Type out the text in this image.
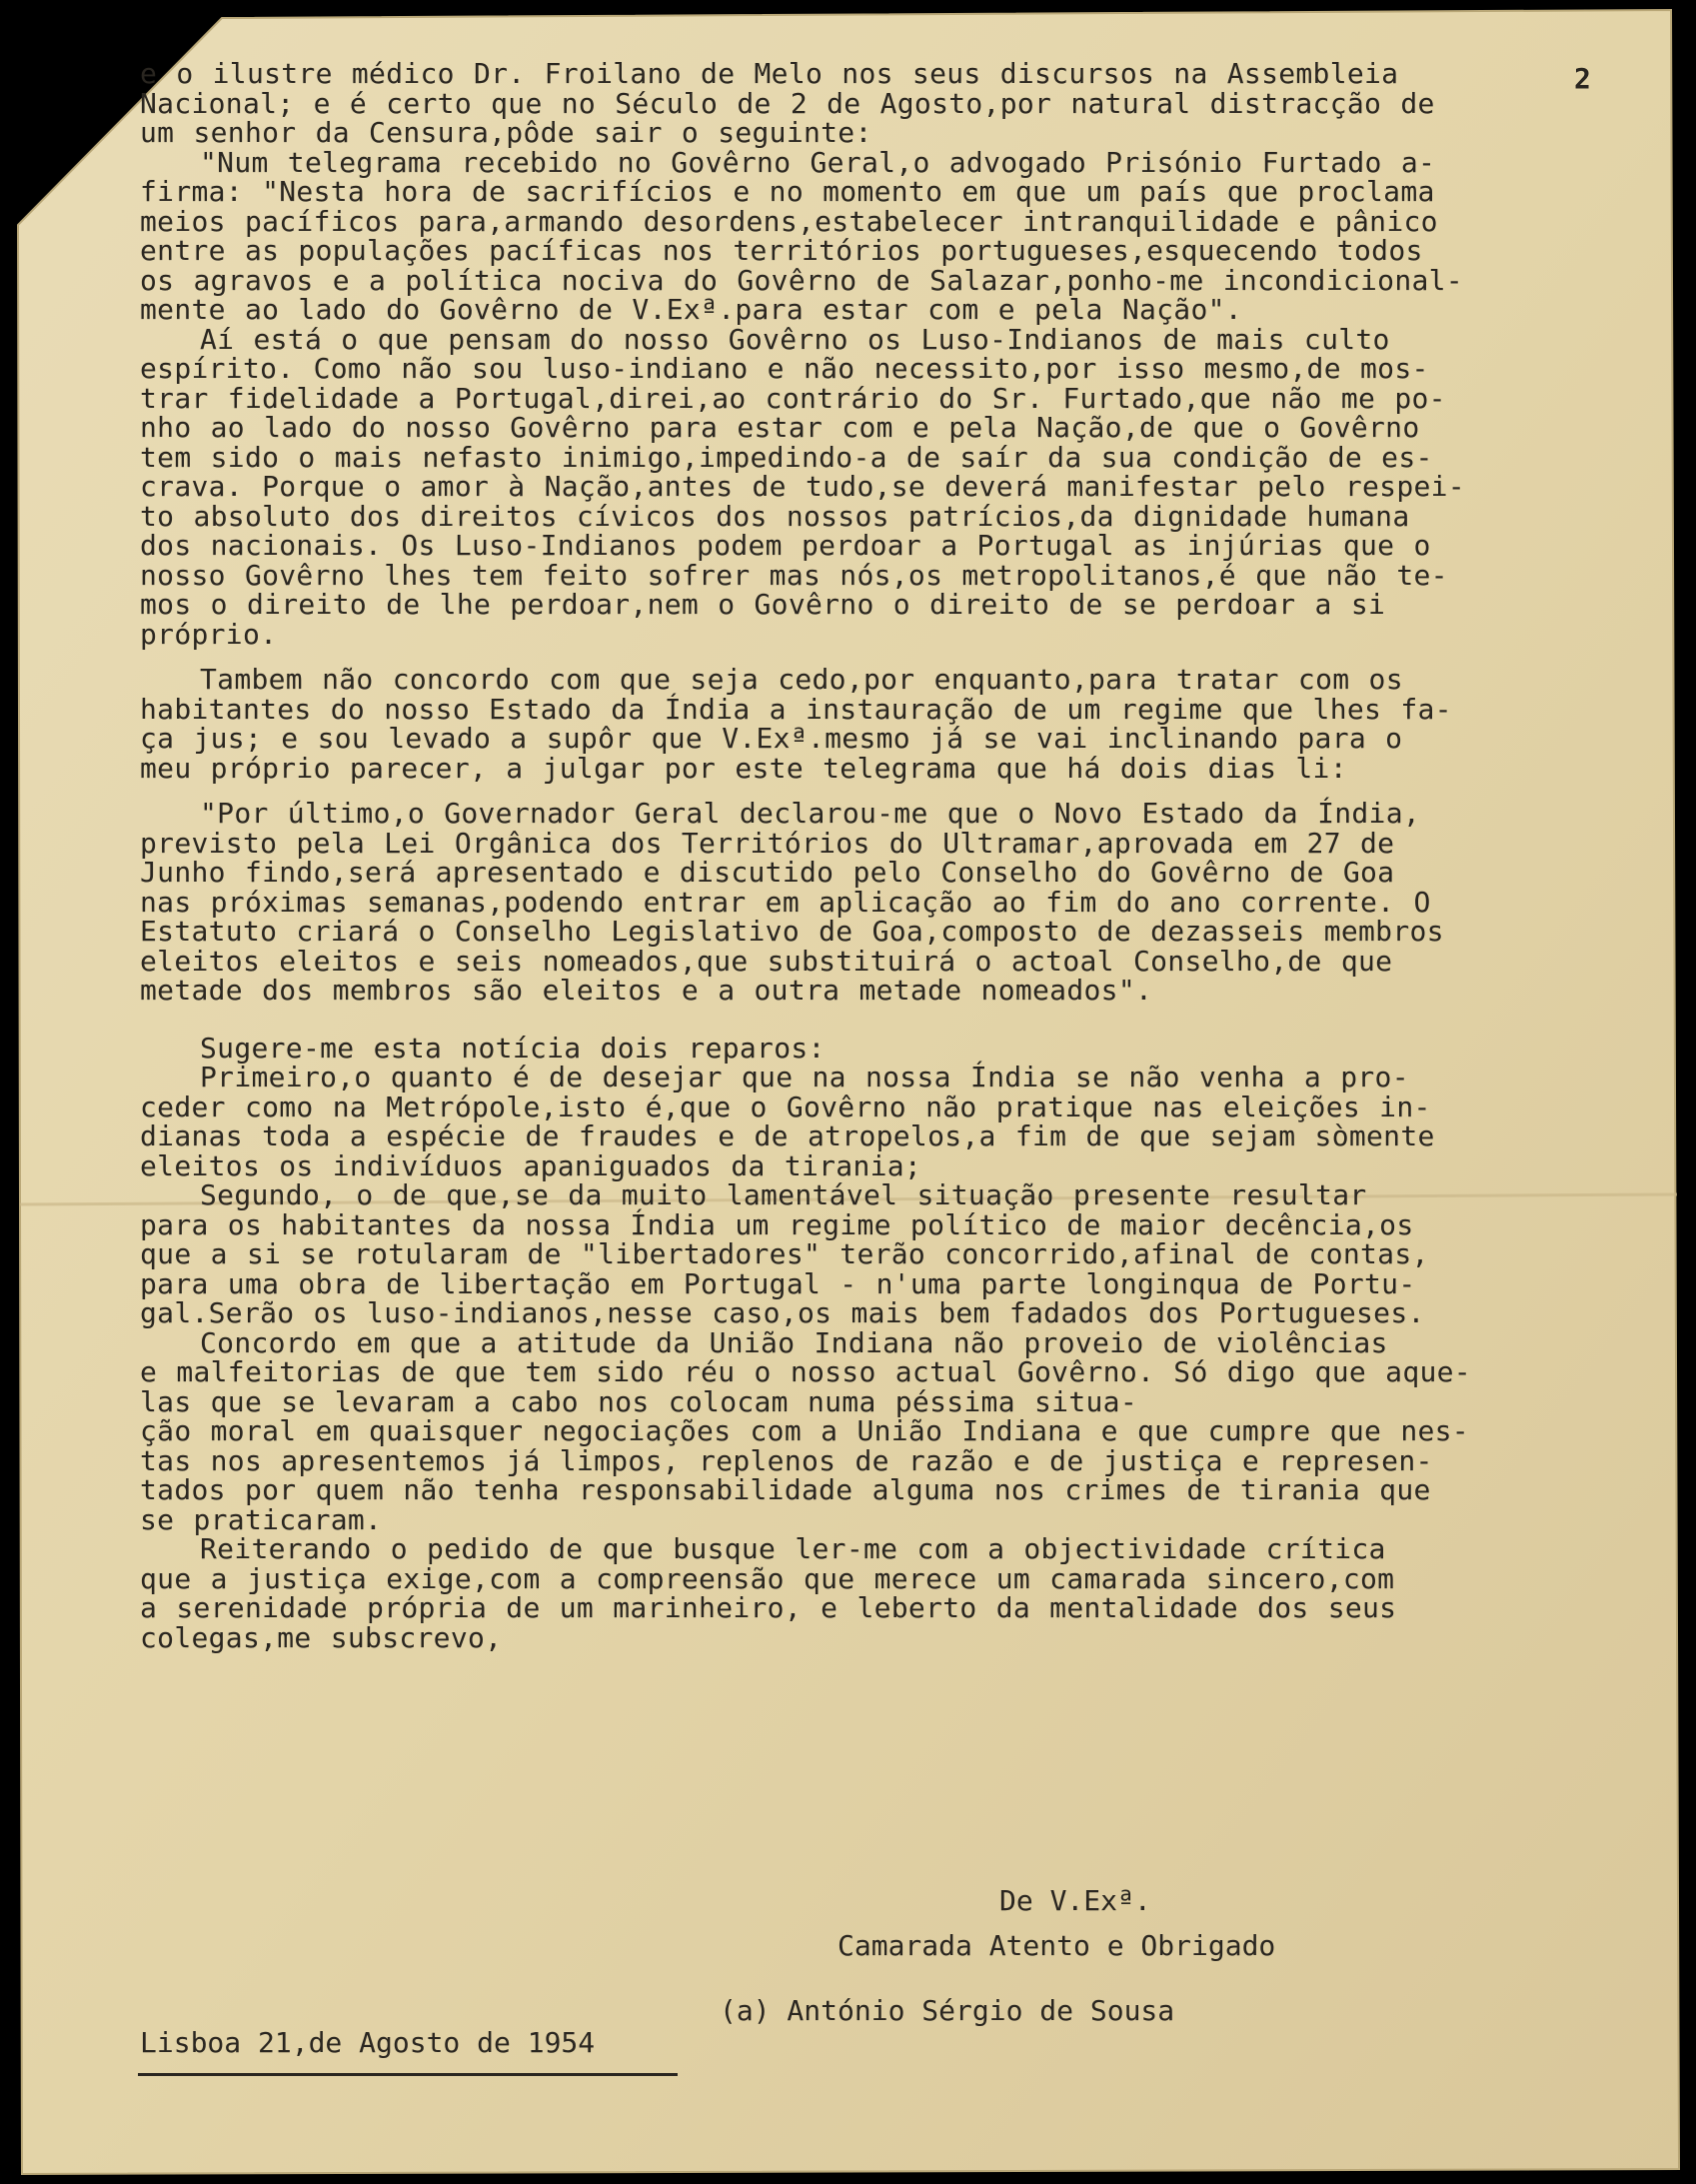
2
e o ilustre médico Dr. Froilano de Melo nos seus discursos na Assembleia
Nacional; e é certo que no Século de 2 de Agosto,por natural distracção de
um senhor da Censura,pôde sair o seguinte:
"Num telegrama recebido no Govêrno Geral,o advogado Prisónio Furtado a-
firma: "Nesta hora de sacrifícios e no momento em que um país que proclama
meios pacíficos para,armando desordens,estabelecer intranquilidade e pânico
entre as populações pacíficas nos territórios portugueses,esquecendo todos
os agravos e a política nociva do Govêrno de Salazar,ponho-me incondicional-
mente ao lado do Govêrno de V.Exª.para estar com e pela Nação".
Aí está o que pensam do nosso Govêrno os Luso-Indianos de mais culto
espírito. Como não sou luso-indiano e não necessito,por isso mesmo,de mos-
trar fidelidade a Portugal,direi,ao contrário do Sr. Furtado,que não me po-
nho ao lado do nosso Govêrno para estar com e pela Nação,de que o Govêrno
tem sido o mais nefasto inimigo,impedindo-a de saír da sua condição de es-
crava. Porque o amor à Nação,antes de tudo,se deverá manifestar pelo respei-
to absoluto dos direitos cívicos dos nossos patrícios,da dignidade humana
dos nacionais. Os Luso-Indianos podem perdoar a Portugal as injúrias que o
nosso Govêrno lhes tem feito sofrer mas nós,os metropolitanos,é que não te-
mos o direito de lhe perdoar,nem o Govêrno o direito de se perdoar a si
próprio.
Tambem não concordo com que seja cedo,por enquanto,para tratar com os
habitantes do nosso Estado da Índia a instauração de um regime que lhes fa-
ça jus; e sou levado a supôr que V.Exª.mesmo já se vai inclinando para o
meu próprio parecer, a julgar por este telegrama que há dois dias li:
"Por último,o Governador Geral declarou-me que o Novo Estado da Índia,
previsto pela Lei Orgânica dos Territórios do Ultramar,aprovada em 27 de
Junho findo,será apresentado e discutido pelo Conselho do Govêrno de Goa
nas próximas semanas,podendo entrar em aplicação ao fim do ano corrente. O
Estatuto criará o Conselho Legislativo de Goa,composto de dezasseis membros
eleitos eleitos e seis nomeados,que substituirá o actoal Conselho,de que
metade dos membros são eleitos e a outra metade nomeados".
Sugere-me esta notícia dois reparos:
Primeiro,o quanto é de desejar que na nossa Índia se não venha a pro-
ceder como na Metrópole,isto é,que o Govêrno não pratique nas eleições in-
dianas toda a espécie de fraudes e de atropelos,a fim de que sejam sòmente
eleitos os indivíduos apaniguados da tirania;
Segundo, o de que,se da muito lamentável situação presente resultar
para os habitantes da nossa Índia um regime político de maior decência,os
que a si se rotularam de "libertadores" terão concorrido,afinal de contas,
para uma obra de libertação em Portugal - n'uma parte longinqua de Portu-
gal.Serão os luso-indianos,nesse caso,os mais bem fadados dos Portugueses.
Concordo em que a atitude da União Indiana não proveio de violências
e malfeitorias de que tem sido réu o nosso actual Govêrno. Só digo que aque-
las que se levaram a cabo nos colocam numa péssima situa-
ção moral em quaisquer negociações com a União Indiana e que cumpre que nes-
tas nos apresentemos já limpos, replenos de razão e de justiça e represen-
tados por quem não tenha responsabilidade alguma nos crimes de tirania que
se praticaram.
Reiterando o pedido de que busque ler-me com a objectividade crítica
que a justiça exige,com a compreensão que merece um camarada sincero,com
a serenidade própria de um marinheiro, e leberto da mentalidade dos seus
colegas,me subscrevo,
De V.Exª.
Camarada Atento e Obrigado
(a) António Sérgio de Sousa
Lisboa 21,de Agosto de 1954
